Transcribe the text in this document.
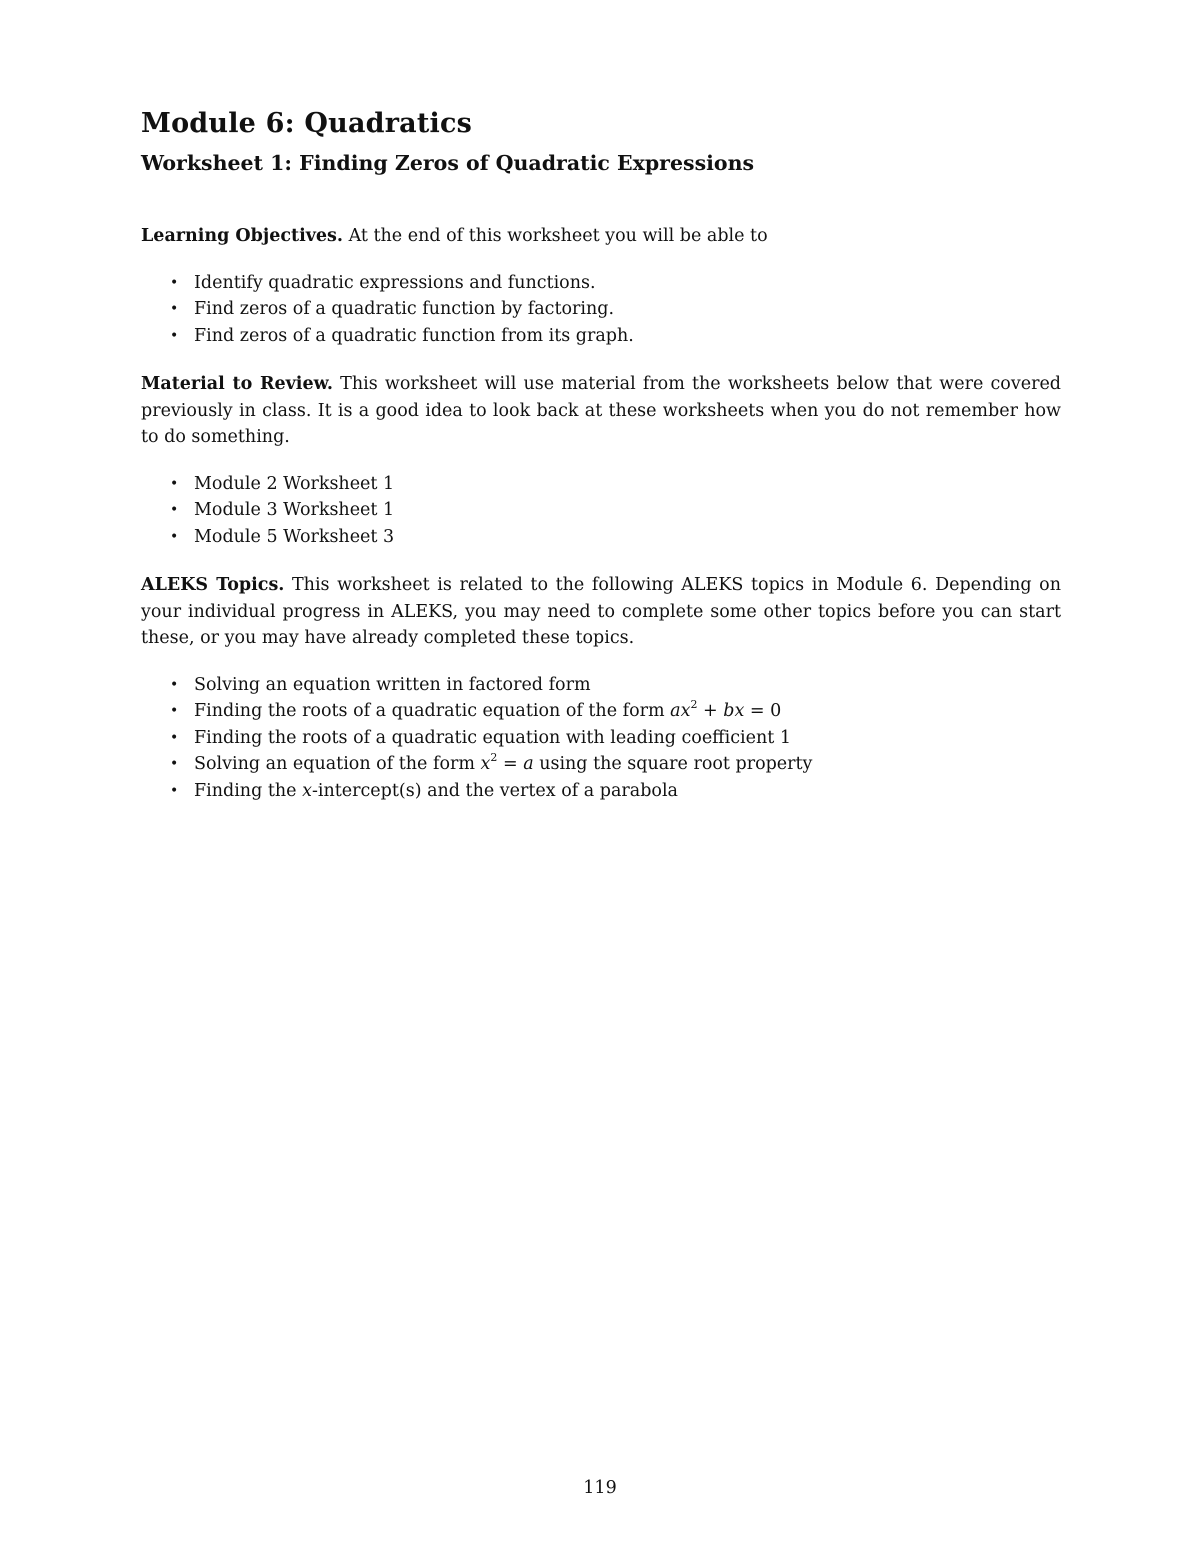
Module 6: Quadratics
Worksheet 1: Finding Zeros of Quadratic Expressions

Learning Objectives. At the end of this worksheet you will be able to

• Identify quadratic expressions and functions.
• Find zeros of a quadratic function by factoring.
• Find zeros of a quadratic function from its graph.

Material to Review. This worksheet will use material from the worksheets below that were covered previously in class. It is a good idea to look back at these worksheets when you do not remember how to do something.

• Module 2 Worksheet 1
• Module 3 Worksheet 1
• Module 5 Worksheet 3

ALEKS Topics. This worksheet is related to the following ALEKS topics in Module 6. Depending on your individual progress in ALEKS, you may need to complete some other topics before you can start these, or you may have already completed these topics.

• Solving an equation written in factored form
• Finding the roots of a quadratic equation of the form $ax^2$ + bx = 0
• Finding the roots of a quadratic equation with leading coefficient 1
• Solving an equation of the form $x^2 = a$ using the square root property
• Finding the x-intercept(s) and the vertex of a parabola
119
